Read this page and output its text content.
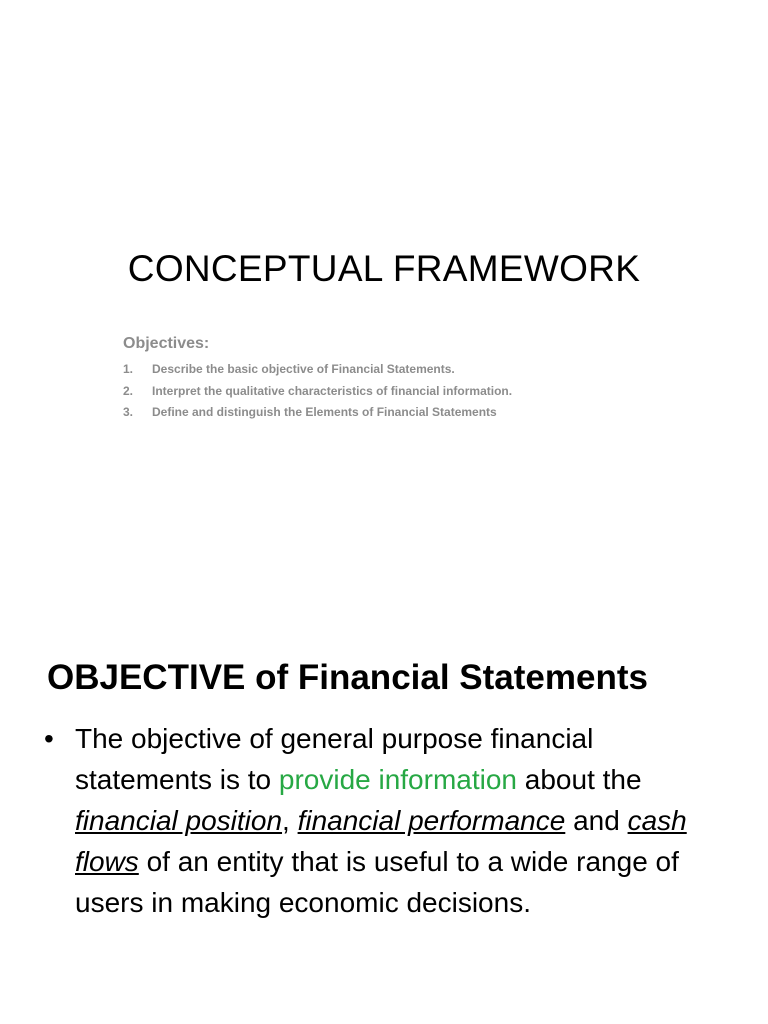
CONCEPTUAL FRAMEWORK
Objectives:
1. Describe the basic objective of Financial Statements.
2. Interpret the qualitative characteristics of financial information.
3. Define and distinguish the Elements of Financial Statements
OBJECTIVE of Financial Statements
• The objective of general purpose financial statements is to provide information about the financial position, financial performance and cash flows of an entity that is useful to a wide range of users in making economic decisions.
